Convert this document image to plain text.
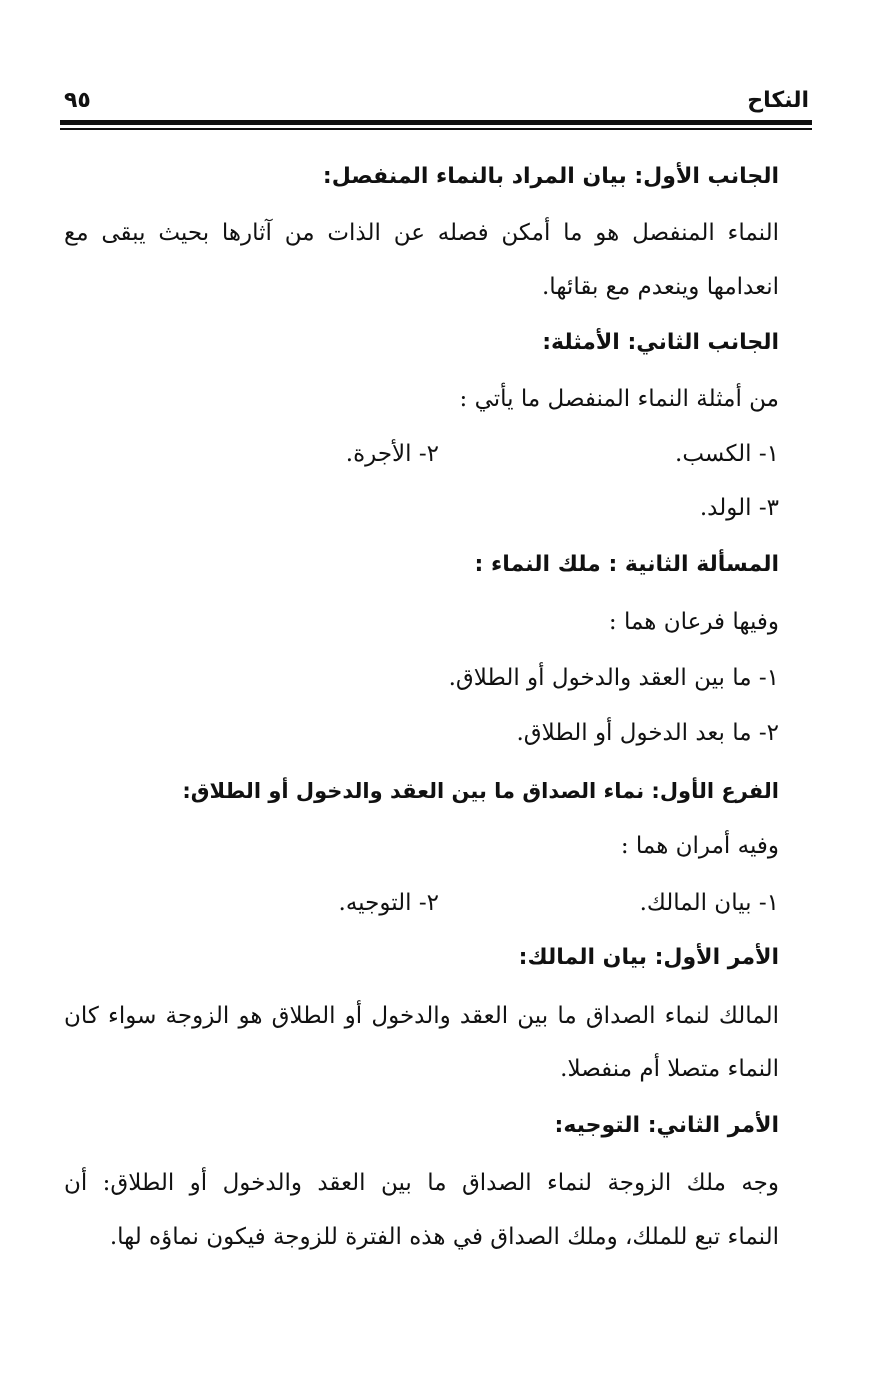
النكاح
٩٥
الجانب الأول: بيان المراد بالنماء المنفصل:
النماء المنفصل هو ما أمكن فصله عن الذات من آثارها بحيث يبقى مع
انعدامها وينعدم مع بقائها.
الجانب الثاني: الأمثلة:
من أمثلة النماء المنفصل ما يأتي :
١- الكسب.
٢- الأجرة.
٣- الولد.
المسألة الثانية : ملك النماء :
وفيها فرعان هما :
١- ما بين العقد والدخول أو الطلاق.
٢- ما بعد الدخول أو الطلاق.
الفرع الأول: نماء الصداق ما بين العقد والدخول أو الطلاق:
وفيه أمران هما :
١- بيان المالك.
٢- التوجيه.
الأمر الأول: بيان المالك:
المالك لنماء الصداق ما بين العقد والدخول أو الطلاق هو الزوجة سواء كان
النماء متصلا أم منفصلا.
الأمر الثاني: التوجيه:
وجه ملك الزوجة لنماء الصداق ما بين العقد والدخول أو الطلاق: أن
النماء تبع للملك، وملك الصداق في هذه الفترة للزوجة فيكون نماؤه لها.
